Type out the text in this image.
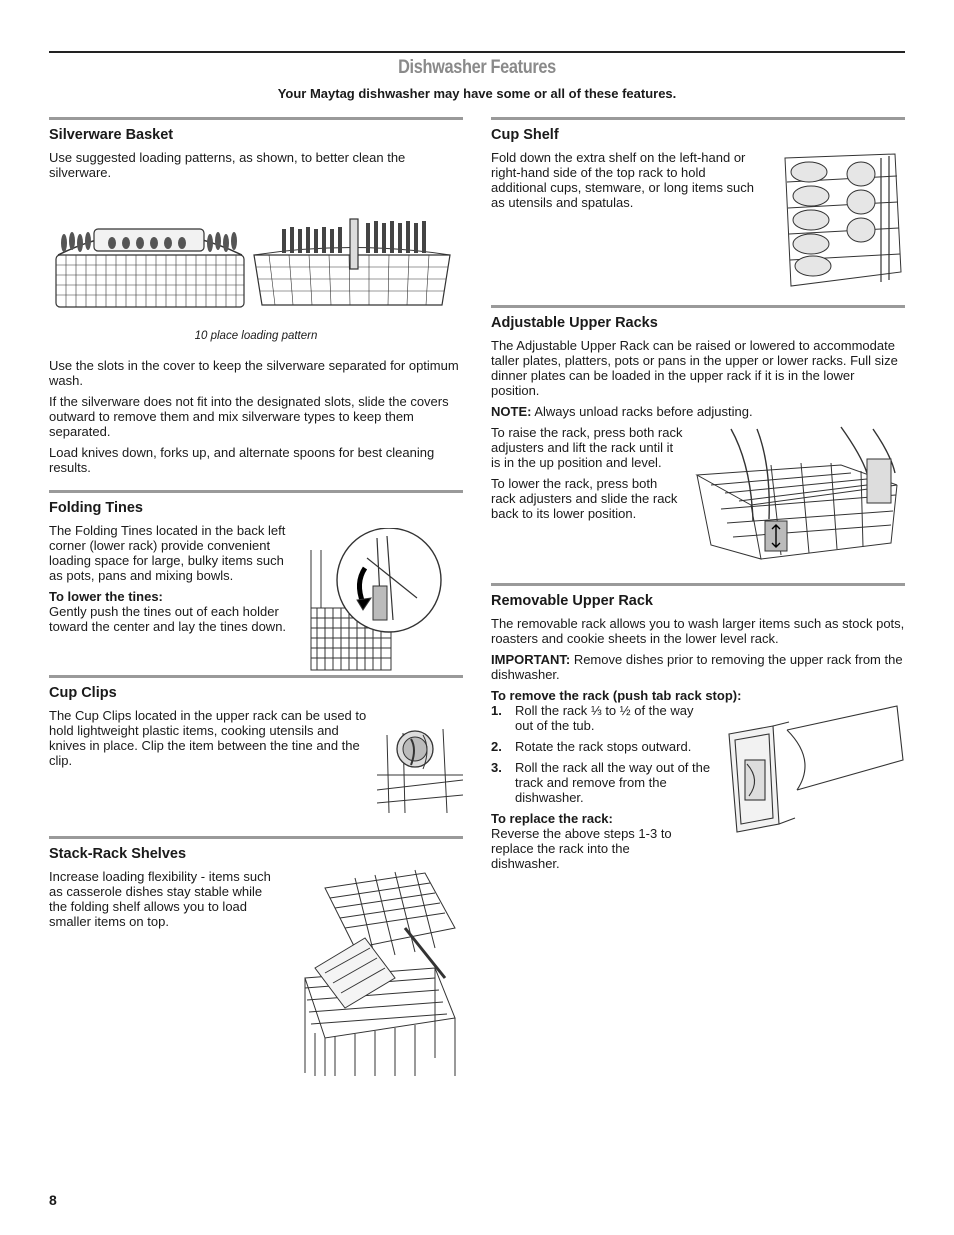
Dishwasher Features
Your Maytag dishwasher may have some or all of these features.
Silverware Basket

Use suggested loading patterns, as shown, to better clean the silverware.

10 place loading pattern

Use the slots in the cover to keep the silverware separated for optimum wash.

If the silverware does not fit into the designated slots, slide the covers outward to remove them and mix silverware types to keep them separated.

Load knives down, forks up, and alternate spoons for best cleaning results.

Folding Tines

The Folding Tines located in the back left corner (lower rack) provide convenient loading space for large, bulky items such as pots, pans and mixing bowls.

To lower the tines:

Gently push the tines out of each holder toward the center and lay the tines down.

Cup Clips

The Cup Clips located in the upper rack can be used to hold lightweight plastic items, cooking utensils and knives in place. Clip the item between the tine and the clip.

Stack-Rack Shelves

Increase loading flexibility - items such as casserole dishes stay stable while the folding shelf allows you to load smaller items on top.

8
Cup Shelf

Fold down the extra shelf on the left-hand or right-hand side of the top rack to hold additional cups, stemware, or long items such as utensils and spatulas.

Adjustable Upper Racks

The Adjustable Upper Rack can be raised or lowered to accommodate taller plates, platters, pots or pans in the upper or lower racks. Full size dinner plates can be loaded in the upper rack if it is in the lower position.

NOTE: Always unload racks before adjusting.

To raise the rack, press both rack adjusters and lift the rack until it is in the up position and level.

To lower the rack, press both rack adjusters and slide the rack back to its lower position.

Removable Upper Rack

The removable rack allows you to wash larger items such as stock pots, roasters and cookie sheets in the lower level rack.

IMPORTANT: Remove dishes prior to removing the upper rack from the dishwasher.

To remove the rack (push tab rack stop):
1. Roll the rack ⅓ to ½ of the way out of the tub.
2. Rotate the rack stops outward.
3. Roll the rack all the way out of the track and remove from the dishwasher.
To replace the rack:

Reverse the above steps 1-3 to replace the rack into the dishwasher.
